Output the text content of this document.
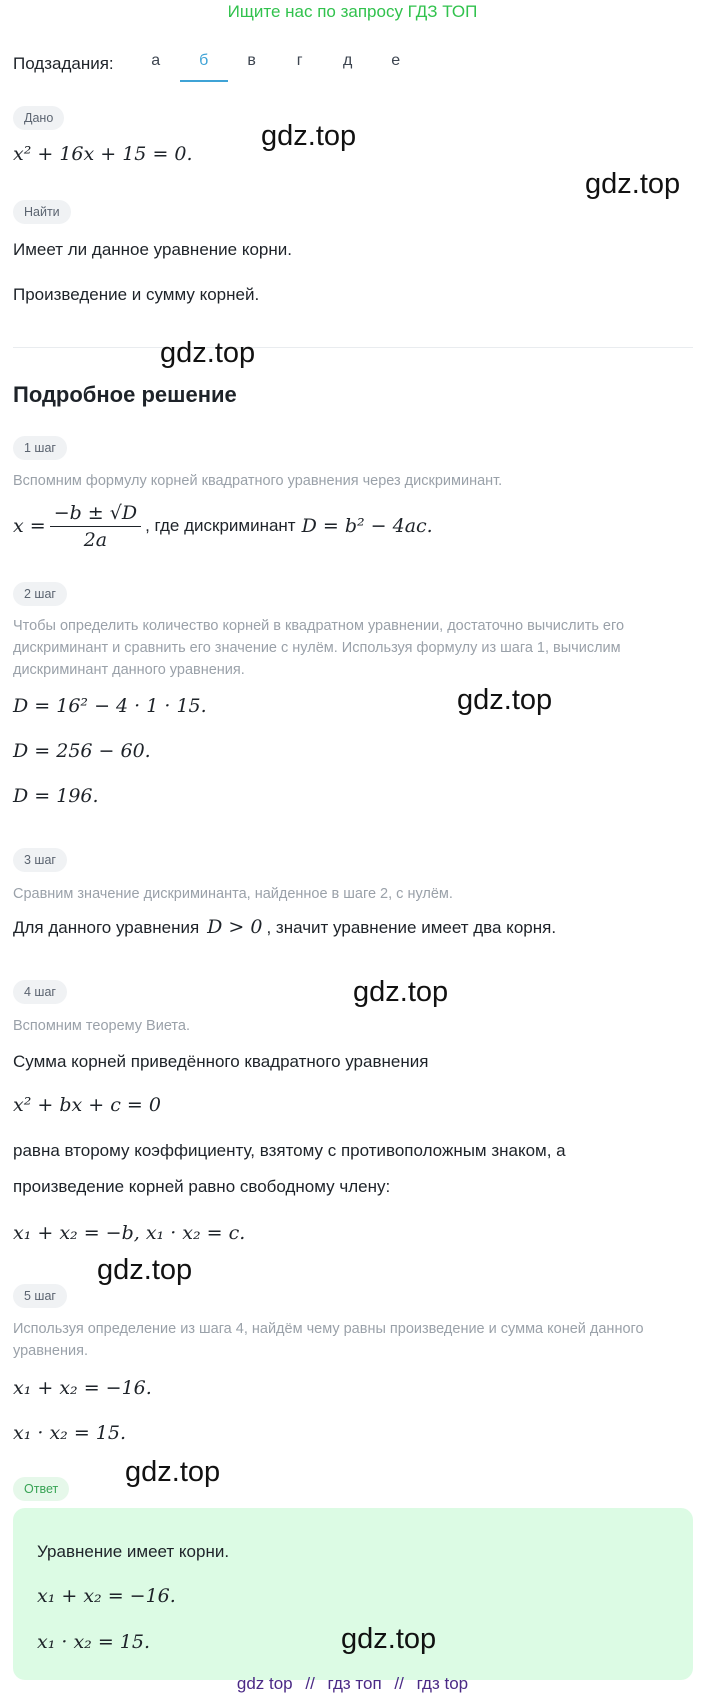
Ищите нас по запросу ГДЗ ТОП
Подзадания:	а	б	в	г	д	е
Дано
x² + 16x + 15 = 0.
Найти
Имеет ли данное уравнение корни.
Произведение и сумму корней.
Подробное решение
1 шаг
Вспомним формулу корней квадратного уравнения через дискриминант.
$x = \frac{-b \pm √D}{2a}$ , где дискриминант D = b² − 4ac.
2 шаг
Чтобы определить количество корней в квадратном уравнении, достаточно вычислить его дискриминант и сравнить его значение с нулём. Используя формулу из шага 1, вычислим дискриминант данного уравнения.
D = 16² − 4 · 1 · 15.
D = 256 − 60.
D = 196.
3 шаг
Сравним значение дискриминанта, найденное в шаге 2, с нулём.
Для данного уравнения D > 0 , значит уравнение имеет два корня.
4 шаг
Вспомним теорему Виета.
Сумма корней приведённого квадратного уравнения
x² + bx + c = 0
равна второму коэффициенту, взятому с противоположным знаком, а
произведение корней равно свободному члену:
x₁ + x₂ = −b, x₁ · x₂ = c.
5 шаг
Используя определение из шага 4, найдём чему равны произведение и сумма коней данного уравнения.
x₁ + x₂ = −16.
x₁ · x₂ = 15.
Ответ
Уравнение имеет корни.
x₁ + x₂ = −16.
x₁ · x₂ = 15.
gdz.top
gdz.top
gdz.top
gdz.top
gdz.top
gdz.top
gdz.top
gdz.top
gdz top // гдз топ // гдз top
